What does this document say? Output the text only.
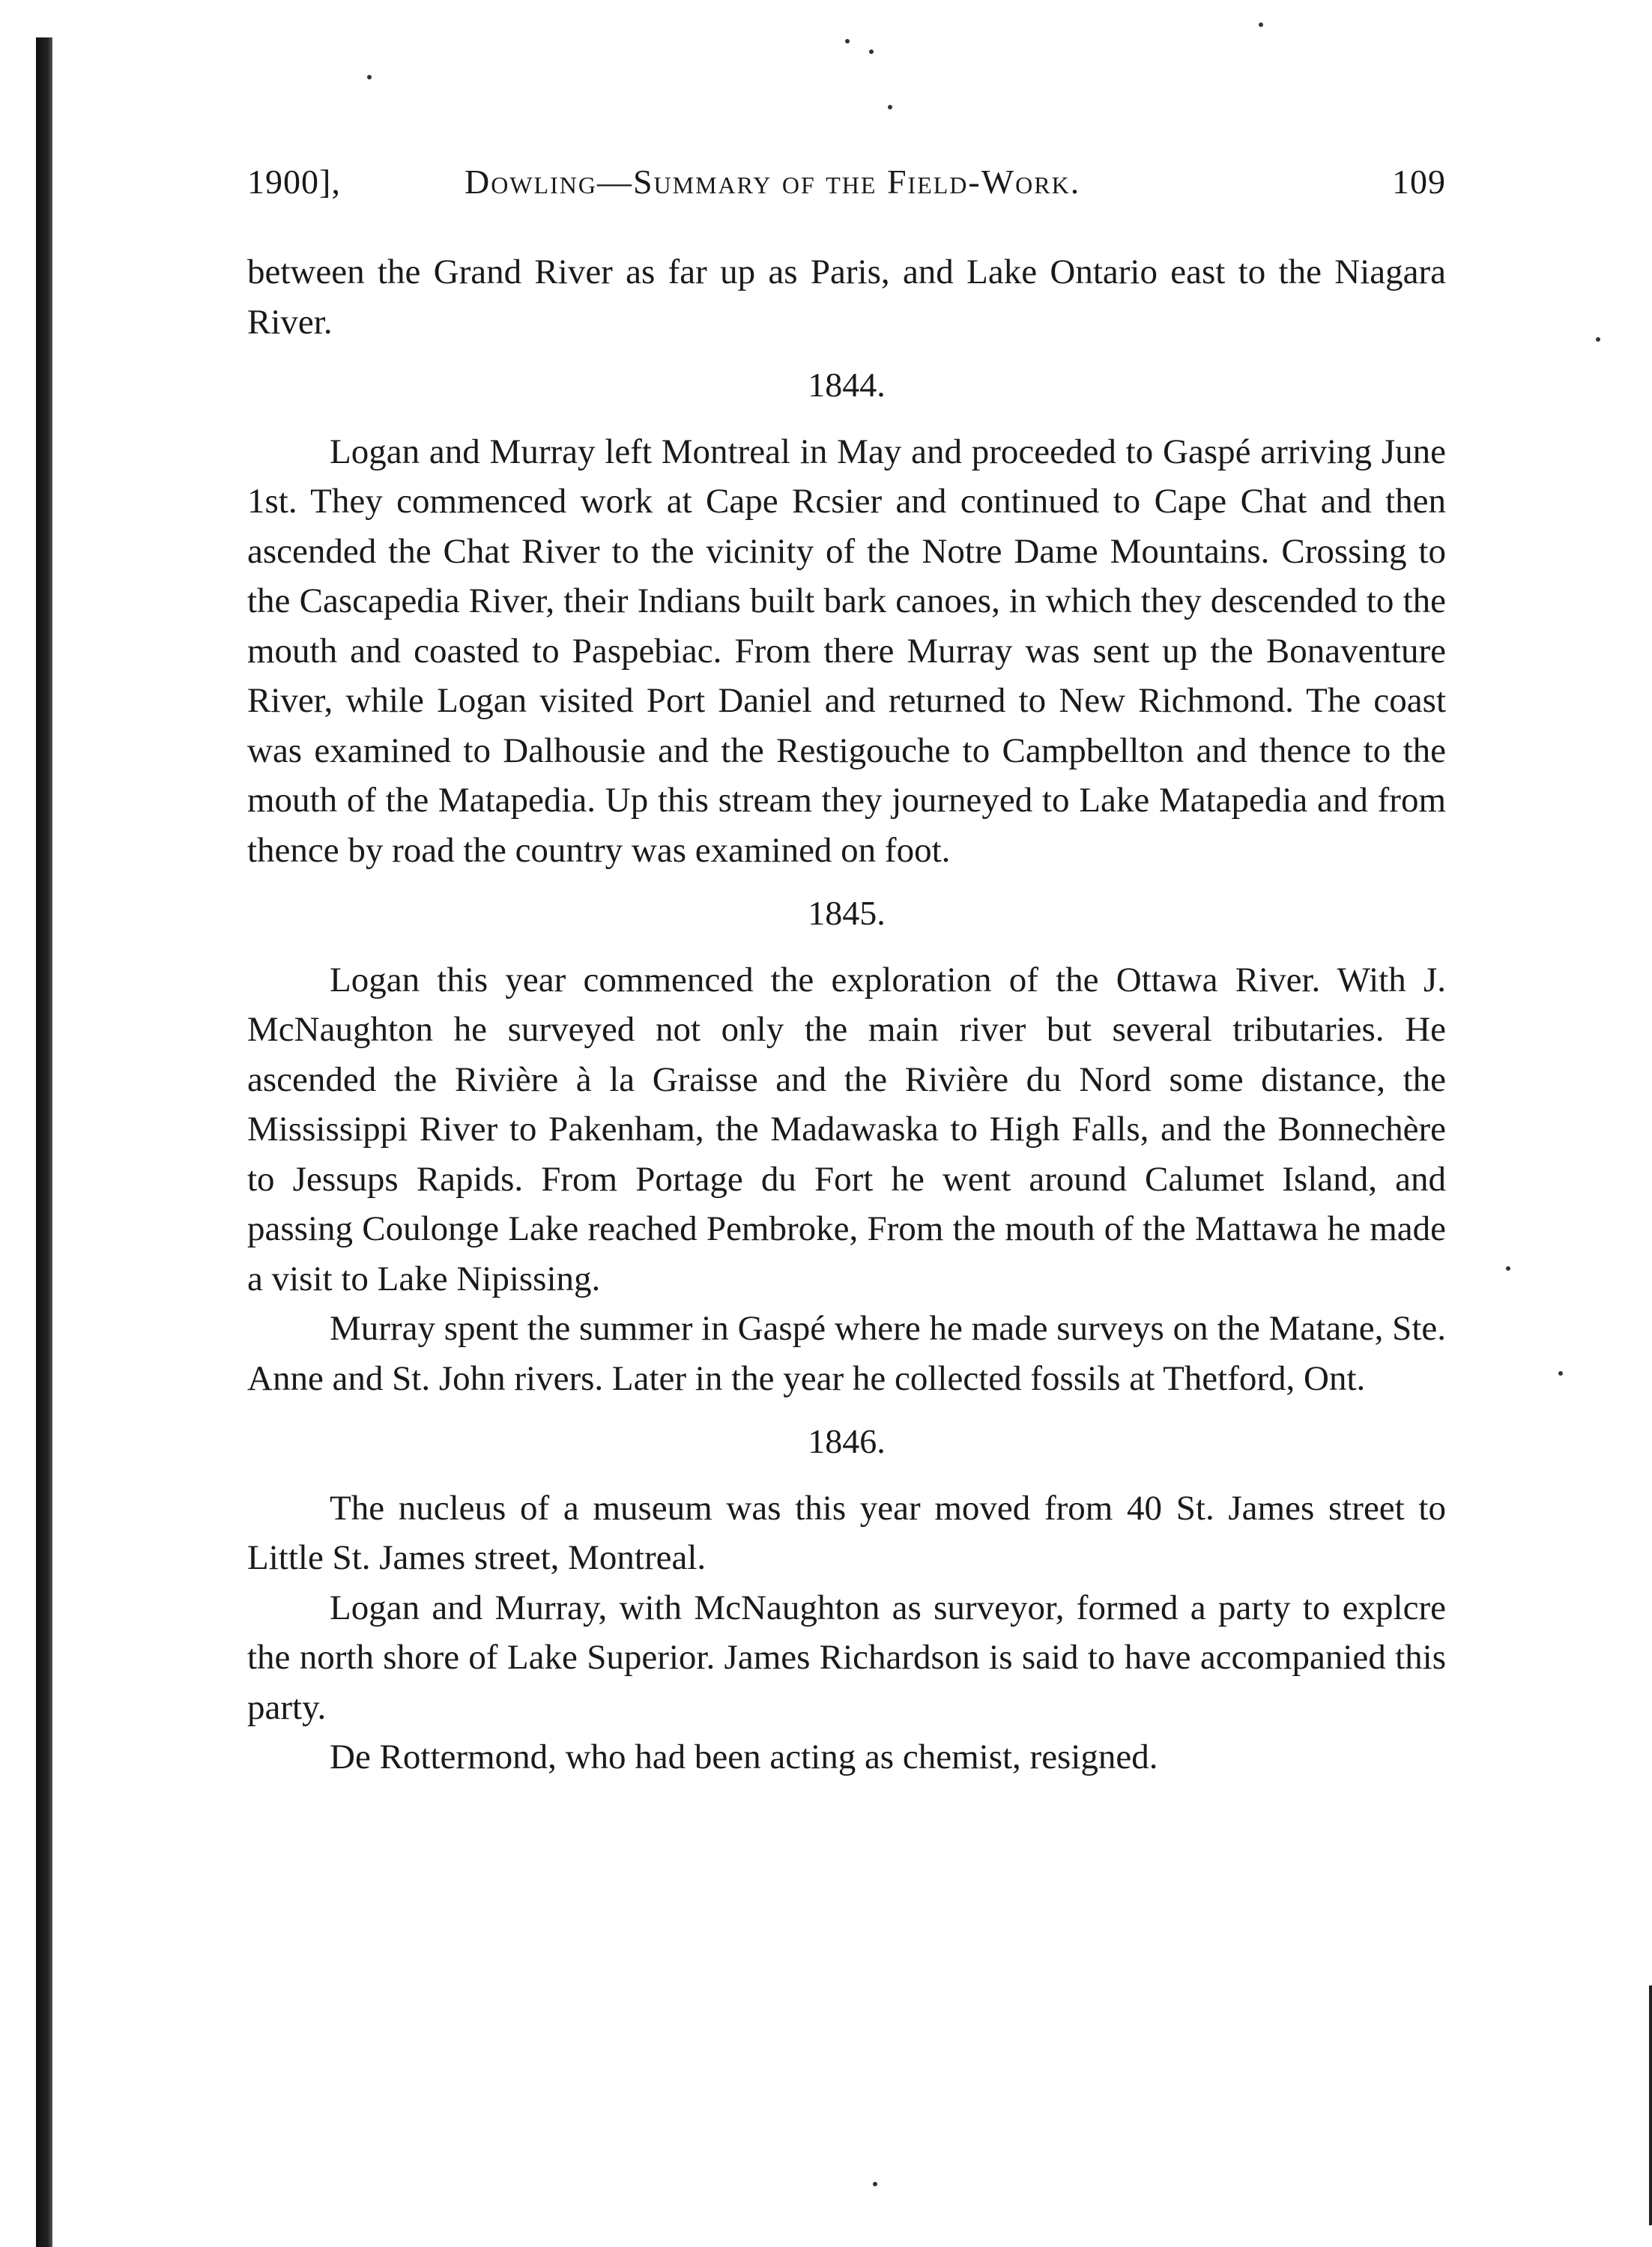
1900],	Dowling—Summary of the Field-Work.	109

between the Grand River as far up as Paris, and Lake Ontario east to the Niagara River.

1844.

Logan and Murray left Montreal in May and proceeded to Gaspé arriving June 1st. They commenced work at Cape Rcsier and continued to Cape Chat and then ascended the Chat River to the vicinity of the Notre Dame Mountains. Crossing to the Cascapedia River, their Indians built bark canoes, in which they descended to the mouth and coasted to Paspebiac. From there Murray was sent up the Bonaventure River, while Logan visited Port Daniel and returned to New Richmond. The coast was examined to Dalhousie and the Restigouche to Campbellton and thence to the mouth of the Matapedia. Up this stream they journeyed to Lake Matapedia and from thence by road the country was examined on foot.

1845.

Logan this year commenced the exploration of the Ottawa River. With J. McNaughton he surveyed not only the main river but several tributaries. He ascended the Rivière à la Graisse and the Rivière du Nord some distance, the Mississippi River to Pakenham, the Madawaska to High Falls, and the Bonnechère to Jessups Rapids. From Portage du Fort he went around Calumet Island, and passing Coulonge Lake reached Pembroke, From the mouth of the Mattawa he made a visit to Lake Nipissing.

Murray spent the summer in Gaspé where he made surveys on the Matane, Ste. Anne and St. John rivers. Later in the year he collected fossils at Thetford, Ont.

1846.

The nucleus of a museum was this year moved from 40 St. James street to Little St. James street, Montreal.

Logan and Murray, with McNaughton as surveyor, formed a party to explcre the north shore of Lake Superior. James Richardson is said to have accompanied this party.

De Rottermond, who had been acting as chemist, resigned.
